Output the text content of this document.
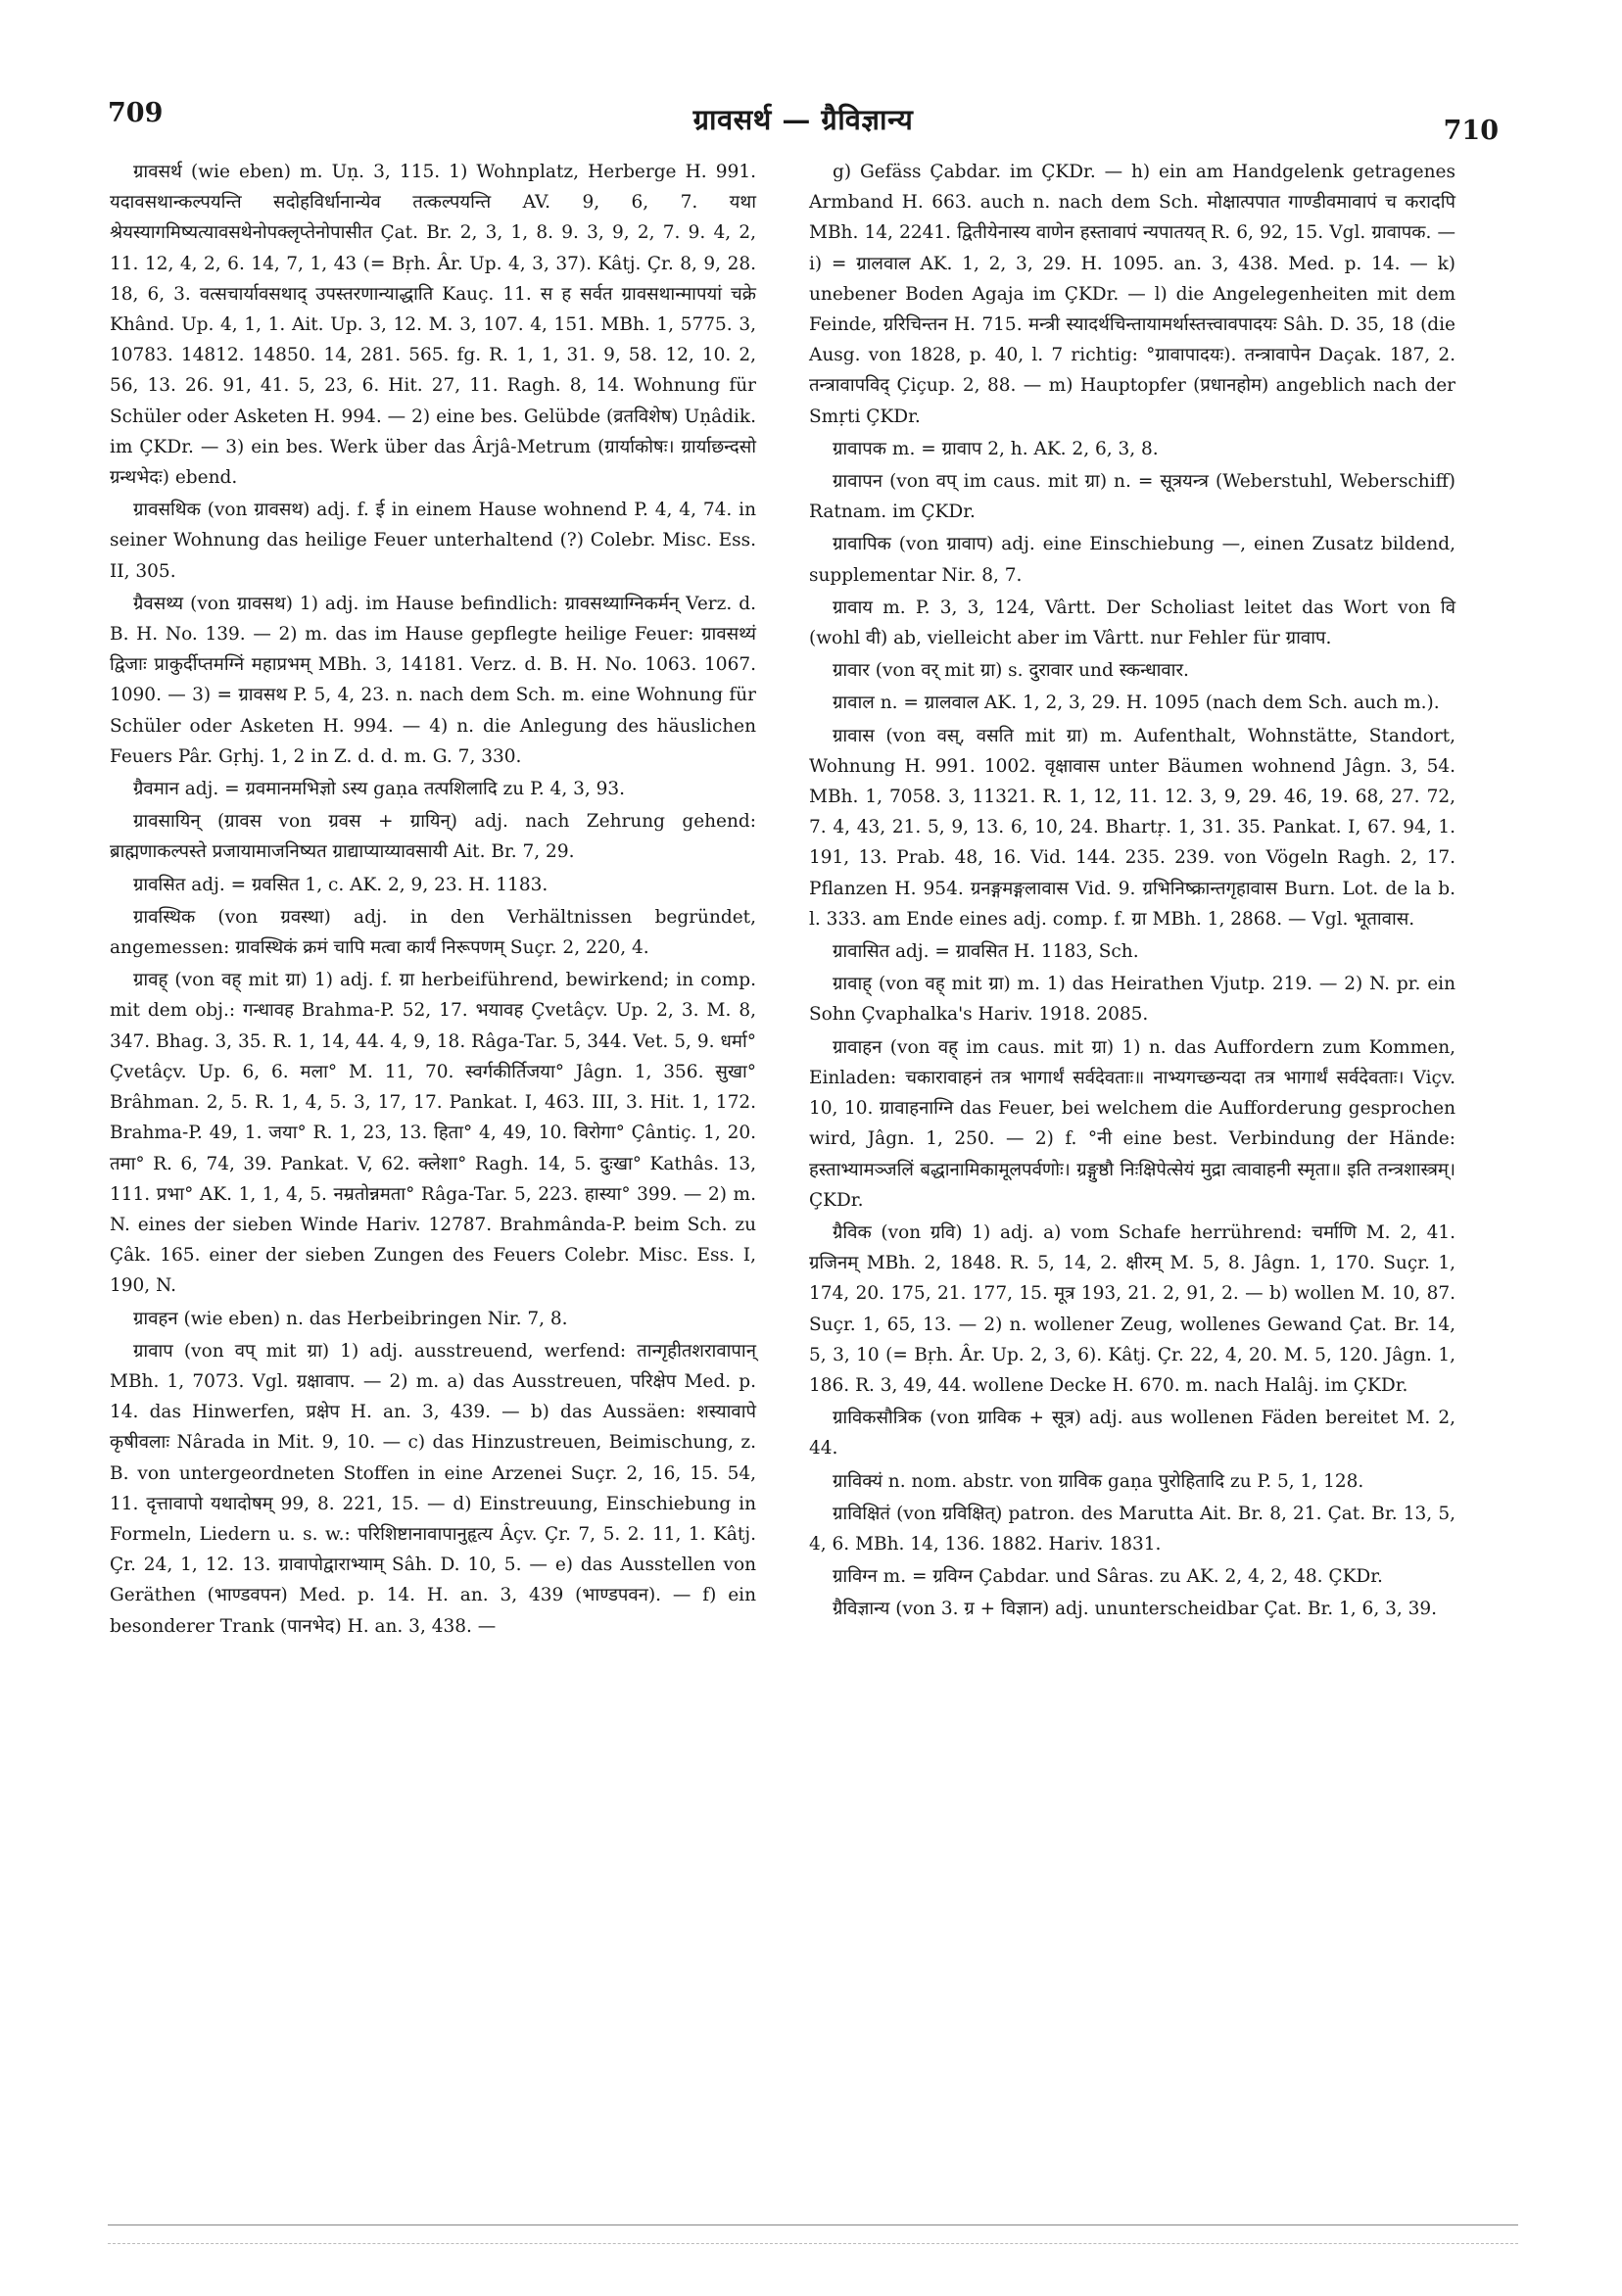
709	ग्रावसर्थ — ग्रैविज्ञान्य	710

ग्रावसर्थ (wie eben) m. Uṇ. 3, 115. 1) Wohnplatz, Herberge H. 991. यदावसथान्कल्पयन्ति सदोहविर्धानान्येव तत्कल्पयन्ति AV. 9, 6, 7. यथा श्रेयस्यागमिष्यत्यावसथेनोपक्लृप्तेनोपासीत Çat. Br. 2, 3, 1, 8. 9. 3, 9, 2, 7. 9. 4, 2, 11. 12, 4, 2, 6. 14, 7, 1, 43 (= Bṛh. Âr. Up. 4, 3, 37). Kâtj. Çr. 8, 9, 28. 18, 6, 3. वत्सचार्यावसथाद् उपस्तरणान्याद्धाति Kauç. 11. स ह सर्वत ग्रावसथान्मापयां चक्रे Khând. Up. 4, 1, 1. Ait. Up. 3, 12. M. 3, 107. 4, 151. MBh. 1, 5775. 3, 10783. 14812. 14850. 14, 281. 565. fg. R. 1, 1, 31. 9, 58. 12, 10. 2, 56, 13. 26. 91, 41. 5, 23, 6. Hit. 27, 11. Ragh. 8, 14. Wohnung für Schüler oder Asketen H. 994. — 2) eine bes. Gelübde (व्रतविशेष) Uṇâdik. im ÇKDr. — 3) ein bes. Werk über das Ârjâ-Metrum (ग्रार्याकोषः। ग्रार्याछन्दसो ग्रन्थभेदः) ebend.

ग्रावसथिक (von ग्रावसथ) adj. f. ई in einem Hause wohnend P. 4, 4, 74. in seiner Wohnung das heilige Feuer unterhaltend (?) Colebr. Misc. Ess. II, 305.

ग्रैवसथ्य (von ग्रावसथ) 1) adj. im Hause befindlich: ग्रावसथ्याग्निकर्मन् Verz. d. B. H. No. 139. — 2) m. das im Hause gepflegte heilige Feuer: ग्रावसथ्यं द्विजाः प्राकुर्दीप्तमग्निं महाप्रभम् MBh. 3, 14181. Verz. d. B. H. No. 1063. 1067. 1090. — 3) = ग्रावसथ P. 5, 4, 23. n. nach dem Sch. m. eine Wohnung für Schüler oder Asketen H. 994. — 4) n. die Anlegung des häuslichen Feuers Pâr. Gṛhj. 1, 2 in Z. d. d. m. G. 7, 330.

ग्रैवमान adj. = ग्रवमानमभिज्ञो ऽस्य gaṇa तत्पशिलादि zu P. 4, 3, 93.

ग्रावसायिन् (ग्रावस von ग्रवस + ग्रायिन्) adj. nach Zehrung gehend: ब्राह्मणाकल्पस्ते प्रजायामाजनिष्यत ग्राद्याप्याय्यावसायी Ait. Br. 7, 29.

ग्रावसित adj. = ग्रवसित 1, c. AK. 2, 9, 23. H. 1183.

ग्रावस्थिक (von ग्रवस्था) adj. in den Verhältnissen begründet, angemessen: ग्रावस्थिकं क्रमं चापि मत्वा कार्यं निरूपणम् Suçr. 2, 220, 4.

ग्रावह् (von वह् mit ग्रा) 1) adj. f. ग्रा herbeiführend, bewirkend; in comp. mit dem obj.: गन्धावह Brahma-P. 52, 17. भयावह Çvetâçv. Up. 2, 3. M. 8, 347. Bhag. 3, 35. R. 1, 14, 44. 4, 9, 18. Râga-Tar. 5, 344. Vet. 5, 9. धर्मा° Çvetâçv. Up. 6, 6. मला° M. 11, 70. स्वर्गकीर्तिजया° Jâgn. 1, 356. सुखा° Brâhman. 2, 5. R. 1, 4, 5. 3, 17, 17. Pankat. I, 463. III, 3. Hit. 1, 172. Brahma-P. 49, 1. जया° R. 1, 23, 13. हिता° 4, 49, 10. विरोगा° Çântiç. 1, 20. तमा° R. 6, 74, 39. Pankat. V, 62. क्लेशा° Ragh. 14, 5. दुःखा° Kathâs. 13, 111. प्रभा° AK. 1, 1, 4, 5. नम्रतोन्नमता° Râga-Tar. 5, 223. हास्या° 399. — 2) m. N. eines der sieben Winde Hariv. 12787. Brahmânda-P. beim Sch. zu Çâk. 165. einer der sieben Zungen des Feuers Colebr. Misc. Ess. I, 190, N.

ग्रावहन (wie eben) n. das Herbeibringen Nir. 7, 8.

ग्रावाप (von वप् mit ग्रा) 1) adj. ausstreuend, werfend: तान्गृहीतशरावापान् MBh. 1, 7073. Vgl. ग्रक्षावाप. — 2) m. a) das Ausstreuen, परिक्षेप Med. p. 14. das Hinwerfen, प्रक्षेप H. an. 3, 439. — b) das Aussäen: शस्यावापे कृषीवलाः Nârada in Mit. 9, 10. — c) das Hinzustreuen, Beimischung, z. B. von untergeordneten Stoffen in eine Arzenei Suçr. 2, 16, 15. 54, 11. दृत्तावापो यथादोषम् 99, 8. 221, 15. — d) Einstreuung, Einschiebung in Formeln, Liedern u. s. w.: परिशिष्टानावापानुहृत्य Âçv. Çr. 7, 5. 2. 11, 1. Kâtj. Çr. 24, 1, 12. 13. ग्रावापोद्वाराभ्याम् Sâh. D. 10, 5. — e) das Ausstellen von Geräthen (भाण्डवपन) Med. p. 14. H. an. 3, 439 (भाण्डपवन). — f) ein besonderer Trank (पानभेद) H. an. 3, 438. —

g) Gefäss Çabdar. im ÇKDr. — h) ein am Handgelenk getragenes Armband H. 663. auch n. nach dem Sch. मोक्षात्पपात गाण्डीवमावापं च करादपि MBh. 14, 2241. द्वितीयेनास्य वाणेन हस्तावापं न्यपातयत् R. 6, 92, 15. Vgl. ग्रावापक. — i) = ग्रालवाल AK. 1, 2, 3, 29. H. 1095. an. 3, 438. Med. p. 14. — k) unebener Boden Agaja im ÇKDr. — l) die Angelegenheiten mit dem Feinde, ग्ररिचिन्तन H. 715. मन्त्री स्यादर्थचिन्तायामर्थास्तत्त्वावपादयः Sâh. D. 35, 18 (die Ausg. von 1828, p. 40, l. 7 richtig: °ग्रावापादयः). तन्त्रावापेन Daçak. 187, 2. तन्त्रावापविद् Çiçup. 2, 88. — m) Hauptopfer (प्रधानहोम) angeblich nach der Smṛti ÇKDr.

ग्रावापक m. = ग्रावाप 2, h. AK. 2, 6, 3, 8.

ग्रावापन (von वप् im caus. mit ग्रा) n. = सूत्रयन्त्र (Weberstuhl, Weberschiff) Ratnam. im ÇKDr.

ग्रावापिक (von ग्रावाप) adj. eine Einschiebung —, einen Zusatz bildend, supplementar Nir. 8, 7.

ग्रावाय m. P. 3, 3, 124, Vârtt. Der Scholiast leitet das Wort von वि (wohl वी) ab, vielleicht aber im Vârtt. nur Fehler für ग्रावाप.

ग्रावार (von वर् mit ग्रा) s. दुरावार und स्कन्धावार.

ग्रावाल n. = ग्रालवाल AK. 1, 2, 3, 29. H. 1095 (nach dem Sch. auch m.).

ग्रावास (von वस्, वसति mit ग्रा) m. Aufenthalt, Wohnstätte, Standort, Wohnung H. 991. 1002. वृक्षावास unter Bäumen wohnend Jâgn. 3, 54. MBh. 1, 7058. 3, 11321. R. 1, 12, 11. 12. 3, 9, 29. 46, 19. 68, 27. 72, 7. 4, 43, 21. 5, 9, 13. 6, 10, 24. Bhartṛ. 1, 31. 35. Pankat. I, 67. 94, 1. 191, 13. Prab. 48, 16. Vid. 144. 235. 239. von Vögeln Ragh. 2, 17. Pflanzen H. 954. ग्रनङ्गमङ्गलावास Vid. 9. ग्रभिनिष्क्रान्तगृहावास Burn. Lot. de la b. l. 333. am Ende eines adj. comp. f. ग्रा MBh. 1, 2868. — Vgl. भूतावास.

ग्रावासित adj. = ग्रावसित H. 1183, Sch.

ग्रावाह् (von वह् mit ग्रा) m. 1) das Heirathen Vjutp. 219. — 2) N. pr. ein Sohn Çvaphalka's Hariv. 1918. 2085.

ग्रावाहन (von वह् im caus. mit ग्रा) 1) n. das Auffordern zum Kommen, Einladen: चकारावाहनं तत्र भागार्थं सर्वदेवताः॥ नाभ्यगच्छन्यदा तत्र भागार्थं सर्वदेवताः। Viçv. 10, 10. ग्रावाहनाग्नि das Feuer, bei welchem die Aufforderung gesprochen wird, Jâgn. 1, 250. — 2) f. °नी eine best. Verbindung der Hände: हस्ताभ्यामञ्जलिं बद्धानामिकामूलपर्वणोः। ग्रङ्गुष्ठौ निःक्षिपेत्सेयं मुद्रा त्वावाहनी स्मृता॥ इति तन्त्रशास्त्रम्। ÇKDr.

ग्रैविक (von ग्रवि) 1) adj. a) vom Schafe herrührend: चर्माणि M. 2, 41. ग्रजिनम् MBh. 2, 1848. R. 5, 14, 2. क्षीरम् M. 5, 8. Jâgn. 1, 170. Suçr. 1, 174, 20. 175, 21. 177, 15. मूत्र 193, 21. 2, 91, 2. — b) wollen M. 10, 87. Suçr. 1, 65, 13. — 2) n. wollener Zeug, wollenes Gewand Çat. Br. 14, 5, 3, 10 (= Bṛh. Âr. Up. 2, 3, 6). Kâtj. Çr. 22, 4, 20. M. 5, 120. Jâgn. 1, 186. R. 3, 49, 44. wollene Decke H. 670. m. nach Halâj. im ÇKDr.

ग्राविकसौत्रिक (von ग्राविक + सूत्र) adj. aus wollenen Fäden bereitet M. 2, 44.

ग्राविक्यं n. nom. abstr. von ग्राविक gaṇa पुरोहितादि zu P. 5, 1, 128.

ग्राविक्षितं (von ग्रविक्षित्) patron. des Marutta Ait. Br. 8, 21. Çat. Br. 13, 5, 4, 6. MBh. 14, 136. 1882. Hariv. 1831.

ग्राविग्न m. = ग्रविग्न Çabdar. und Sâras. zu AK. 2, 4, 2, 48. ÇKDr.

ग्रैविज्ञान्य (von 3. ग्र + विज्ञान) adj. ununterscheidbar Çat. Br. 1, 6, 3, 39.
